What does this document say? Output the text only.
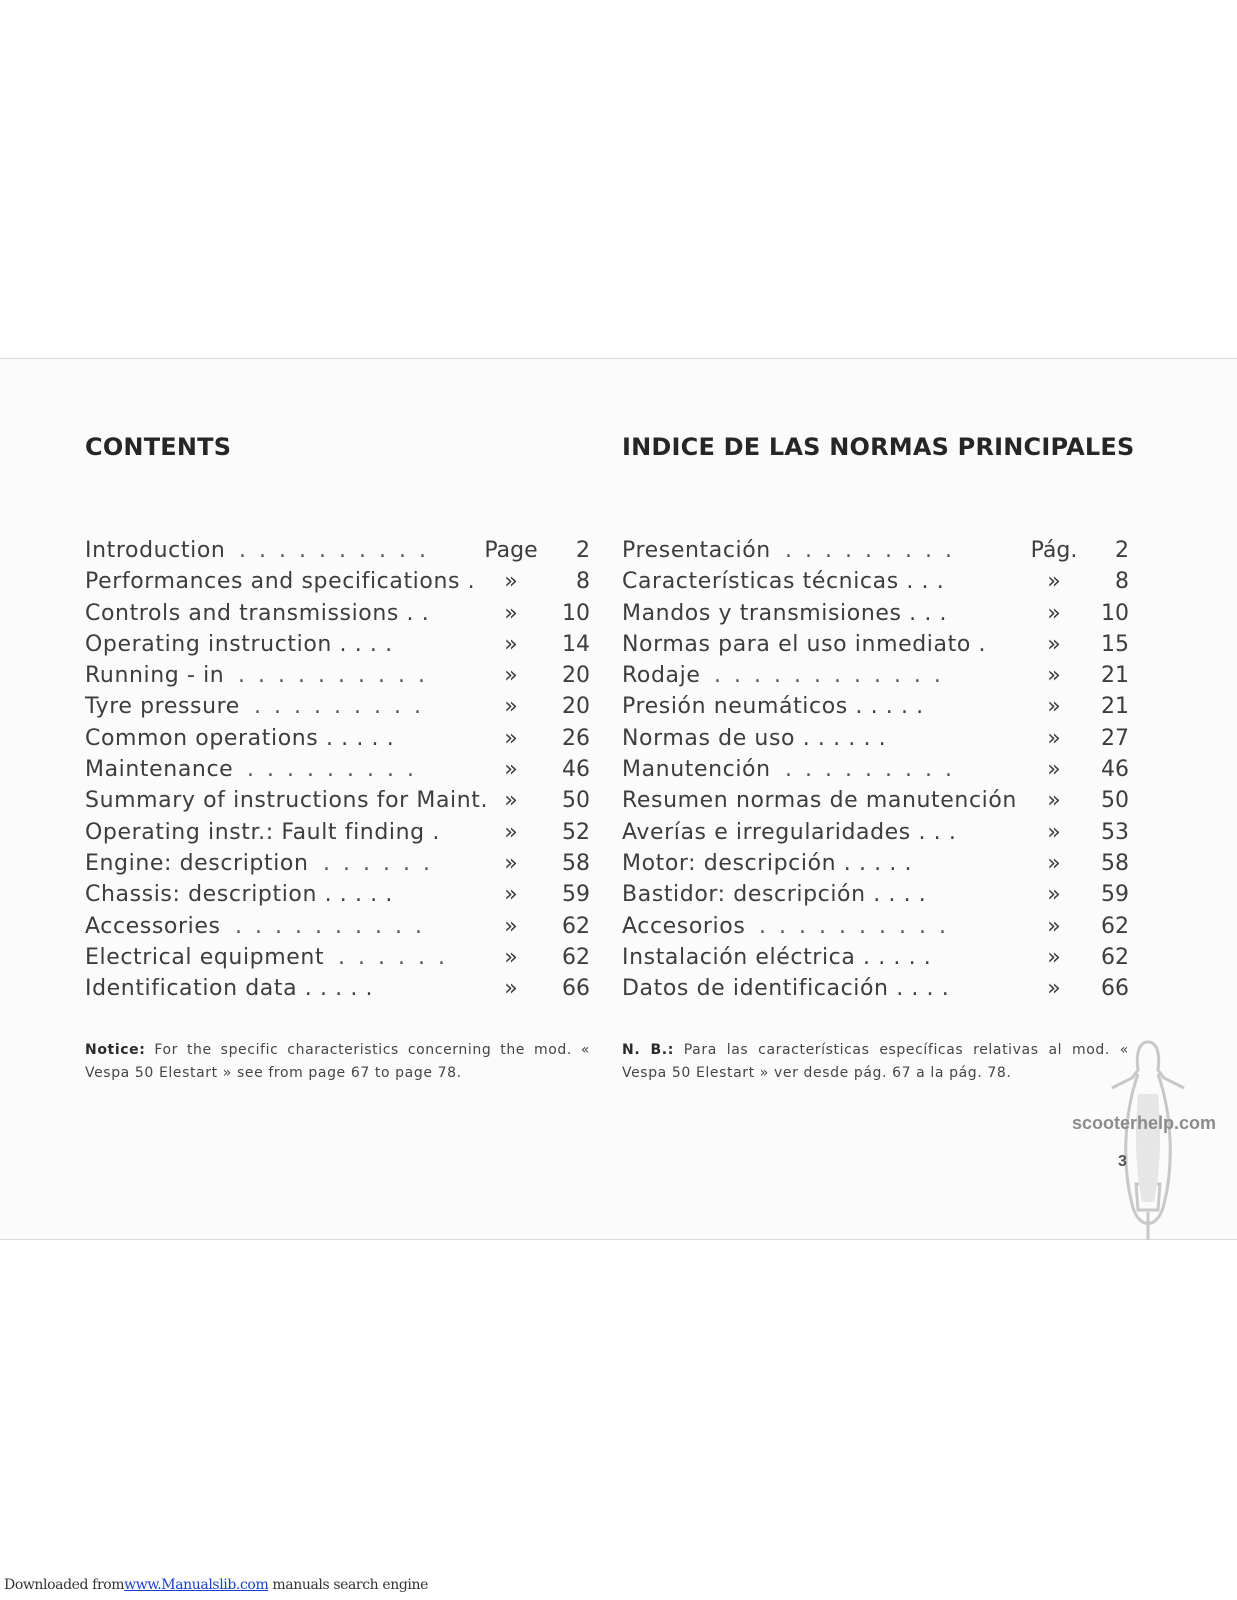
CONTENTS
Introduction	Page 2
..........
Performances and specifications .	»	8
Controls and transmissions . .	»	10
Operating instruction . . . .	»	14
Running - in	»	20
..........
Tyre pressure	»	20
.........
Common operations . . . . .	»	26
Maintenance	»	46
.........
Summary of instructions for Maint. »	50
Operating instr.: Fault finding .	»	52
Engine: description	»	58
......
Chassis: description . . . . .	»	59
Accessories	»	62
..........
Electrical equipment	»	62
......
Identification data . . . . .	»	66

Notice: For the specific characteristics concerning the mod. « Vespa 50 Elestart » see from page 67 to page 78.

INDICE DE LAS NORMAS PRINCIPALES
Presentación	Pág.	2
.........
Características técnicas . . .	»	8
Mandos y transmisiones . . .	»	10
Normas para el uso inmediato .	»	15
Rodaje	»	21
............
Presión neumáticos . . . . .	»	21
Normas de uso . . . . . .	»	27
Manutención	»	46
.........
Resumen normas de manutención	»	50
Averías e irregularidades . . .	»	53
Motor: descripción . . . . .	»	58
Bastidor: descripción . . . .	»	59
Accesorios	»	62
..........
Instalación eléctrica . . . . .	»	62
Datos de identificación . . . .	»	66

N. B.: Para las características específicas relativas al mod. « Vespa 50 Elestart » ver desde pág. 67 a la pág. 78.

scooterhelp.com
3
Downloaded fromwww.Manualslib.com manuals search engine
